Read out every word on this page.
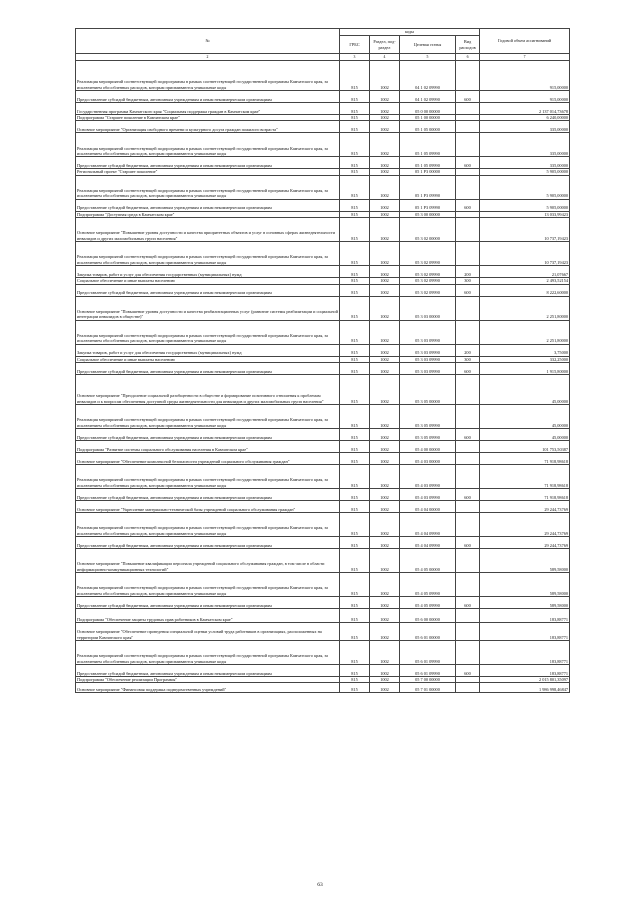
№	коды				Годовой объем ассигнований
	ГРБС	Раздел, под-раздел	Целевая статья	Вид расходов	
2	3	4	5	6	7
Реализация мероприятий соответствующей подпрограммы в рамках соответствующей государственной программы Камчатского края, за исключением обособленных расходов, которым присваиваются уникальные коды	815	1002	04 1 02 09990		915,00000
Предоставление субсидий бюджетным, автономным учреждениям и иным некоммерческим организациям	815	1002	04 1 02 09990	600	915,00000
Государственная программа Камчатского края "Социальная поддержка граждан в Камчатском крае"	815	1002	05 0 00 00000		2 137 014,73678
Подпрограмма "Старшее поколение в Камчатском крае"	815	1002	05 1 00 00000		6 240,00000
Основное мероприятие "Организация свободного времени и культурного досуга граждан пожилого возраста"	815	1002	05 1 05 00000		335,00000
Реализация мероприятий соответствующей подпрограммы в рамках соответствующей государственной программы Камчатского края, за исключением обособленных расходов, которым присваиваются уникальные коды	815	1002	05 1 05 09990		335,00000
Предоставление субсидий бюджетным, автономным учреждениям и иным некоммерческим организациям	815	1002	05 1 05 09990	600	335,00000
Региональный проект "Старшее поколение"	815	1002	05 1 P3 00000		5 905,00000
Реализация мероприятий соответствующей подпрограммы в рамках соответствующей государственной программы Камчатского края, за исключением обособленных расходов, которым присваиваются уникальные коды	815	1002	05 1 P3 09990		5 905,00000
Предоставление субсидий бюджетным, автономным учреждениям и иным некоммерческим организациям	815	1002	05 1 P3 09990	600	5 905,00000
Подпрограмма "Доступная среда в Камчатском крае"	815	1002	05 3 00 00000		13 033,99423
Основное мероприятие "Повышение уровня доступности и качества приоритетных объектов и услуг в основных сферах жизнедеятельности инвалидов и других маломобильных групп населения"	815	1002	05 3 02 00000		10 737,19423
Реализация мероприятий соответствующей подпрограммы в рамках соответствующей государственной программы Камчатского края, за исключением обособленных расходов, которым присваиваются уникальные коды	815	1002	05 3 02 09990		10 737,19423
Закупка товаров, работ и услуг для обеспечения государственных (муниципальных) нужд	815	1002	05 3 02 09990	200	21,07667
Социальное обеспечение и иные выплаты населению	815	1002	05 3 02 09990	300	2 493,52154
Предоставление субсидий бюджетным, автономным учреждениям и иным некоммерческим организациям	815	1002	05 3 02 09990	600	8 222,60000
Основное мероприятие "Повышение уровня доступности и качества реабилитационных услуг (развитие системы реабилитации и социальной интеграции инвалидов в обществе)"	815	1002	05 3 03 00000		2 251,80000
Реализация мероприятий соответствующей подпрограммы в рамках соответствующей государственной программы Камчатского края, за исключением обособленных расходов, которым присваиваются уникальные коды	815	1002	05 3 03 09990		2 251,80000
Закупка товаров, работ и услуг для обеспечения государственных (муниципальных) нужд	815	1002	05 3 03 09990	200	3,75000
Социальное обеспечение и иные выплаты населению	815	1002	05 3 03 09990	300	332,25000
Предоставление субсидий бюджетным, автономным учреждениям и иным некоммерческим организациям	815	1002	05 3 03 09990	600	1 915,80000
Основное мероприятие "Преодоление социальной разобщенности в обществе и формирование позитивного отношения к проблемам инвалидов и к вопросам обеспечения доступной среды жизнедеятельности для инвалидов и других маломобильных групп населения"	815	1002	05 3 05 00000		45,00000
Реализация мероприятий соответствующей подпрограммы в рамках соответствующей государственной программы Камчатского края, за исключением обособленных расходов, которым присваиваются уникальные коды	815	1002	05 3 05 09990		45,00000
Предоставление субсидий бюджетным, автономным учреждениям и иным некоммерческим организациям	815	1002	05 3 05 09990	600	45,00000
Подпрограмма "Развитие системы социального обслуживания населения в Камчатском крае"	815	1002	05 4 00 00000		101 753,50387
Основное мероприятие "Обеспечение комплексной безопасности учреждений социального обслуживания граждан"	815	1002	05 4 03 00000		71 918,98618
Реализация мероприятий соответствующей подпрограммы в рамках соответствующей государственной программы Камчатского края, за исключением обособленных расходов, которым присваиваются уникальные коды	815	1002	05 4 03 09990		71 918,98618
Предоставление субсидий бюджетным, автономным учреждениям и иным некоммерческим организациям	815	1002	05 4 03 09990	600	71 918,98618
Основное мероприятие "Укрепление материально-технической базы учреждений социального обслуживания граждан"	815	1002	05 4 04 00000		29 244,73769
Реализация мероприятий соответствующей подпрограммы в рамках соответствующей государственной программы Камчатского края, за исключением обособленных расходов, которым присваиваются уникальные коды	815	1002	05 4 04 09990		29 244,73769
Предоставление субсидий бюджетным, автономным учреждениям и иным некоммерческим организациям	815	1002	05 4 04 09990	600	29 244,73769
Основное мероприятие "Повышение квалификации персонала учреждений социального обслуживания граждан, в том числе в области информационно-коммуникационных технологий"	815	1002	05 4 05 00000		589,58000
Реализация мероприятий соответствующей подпрограммы в рамках соответствующей государственной программы Камчатского края, за исключением обособленных расходов, которым присваиваются уникальные коды	815	1002	05 4 05 09990		589,58000
Предоставление субсидий бюджетным, автономным учреждениям и иным некоммерческим организациям	815	1002	05 4 05 09990	600	589,58000
Подпрограмма "Обеспечение защиты трудовых прав работников в Камчатском крае"	815	1002	05 6 00 00000		183,88771
Основное мероприятие "Обеспечение проведения специальной оценки условий труда работников в организациях, расположенных на территории Камчатского края"	815	1002	05 6 01 00000		183,88771
Реализация мероприятий соответствующей подпрограммы в рамках соответствующей государственной программы Камчатского края, за исключением обособленных расходов, которым присваиваются уникальные коды	815	1002	05 6 01 09990		183,88771
Предоставление субсидий бюджетным, автономным учреждениям и иным некоммерческим организациям	815	1002	05 6 01 09990	600	183,88771
Подпрограмма "Обеспечение реализации Программы"	815	1002	05 7 00 00000		2 015 801,35097
Основное мероприятие "Финансовая поддержка подведомственных учреждений"	815	1002	05 7 01 00000		1 986 998,46847
63
